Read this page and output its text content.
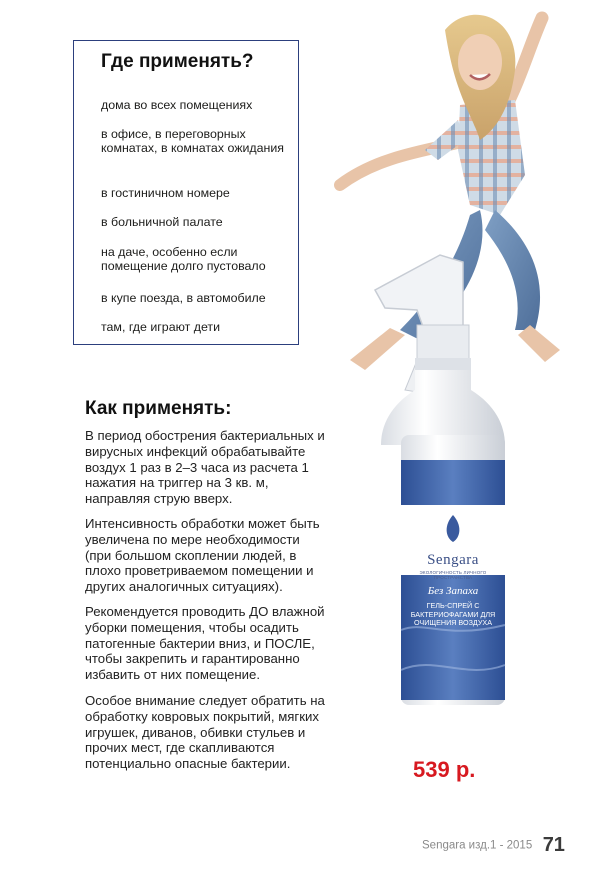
Sengara
ЭКОЛОГИЧНОСТЬ ЛИЧНОГО ПРОСТРАНСТВА
Без Запаха
ГЕЛЬ-СПРЕЙ С БАКТЕРИОФАГАМИ ДЛЯ ОЧИЩЕНИЯ ВОЗДУХА
Где применять?
дома во всех помещениях
в офисе, в переговорных комнатах, в комнатах ожидания
в гостиничном номере
в больничной палате
на даче, особенно если помещение долго пустовало
в купе поезда, в автомобиле
там, где играют дети
Как применять:

В период обострения бактериальных и вирусных инфекций обрабатывайте воздух 1 раз в 2–3 часа из расчета 1 нажатия на триггер на 3 кв. м, направляя струю вверх.

Интенсивность обработки может быть увеличена по мере необходимости (при большом скоплении людей, в плохо проветриваемом помещении и других аналогичных ситуациях).

Рекомендуется проводить ДО влажной уборки помещения, чтобы осадить патогенные бактерии вниз, и ПОСЛЕ, чтобы закрепить и гарантированно избавить от них помещение.

Особое внимание следует обратить на обработку ковровых покрытий, мягких игрушек, диванов, обивки стульев и прочих мест, где скапливаются потенциально опасные бактерии.	539 р.
Sengara изд.1 - 2015 71
